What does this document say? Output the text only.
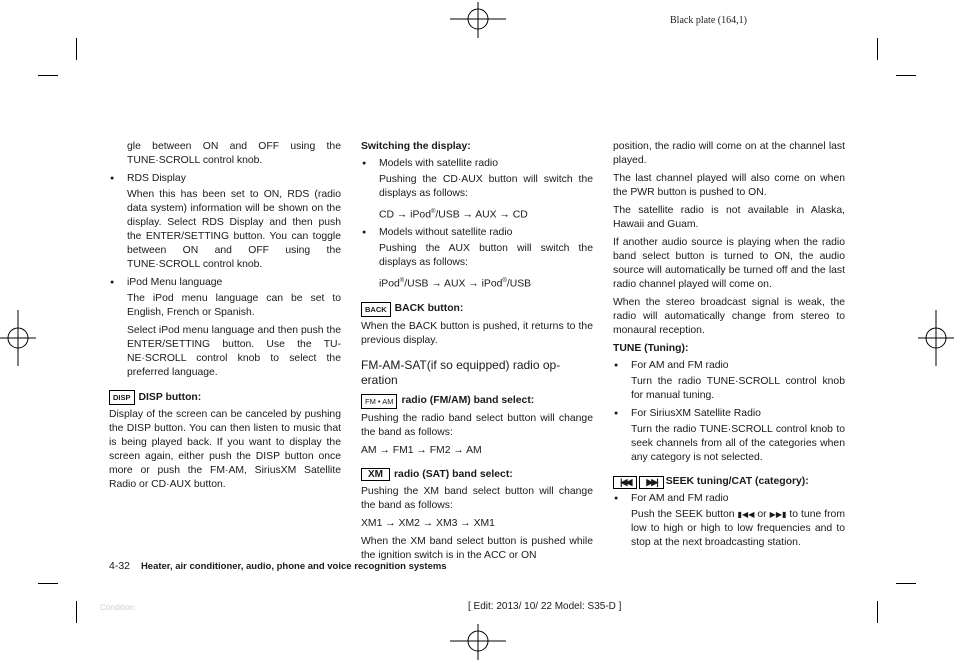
Black plate (164,1)

gle between ON and OFF using the TUNE·SCROLL control knob.

● RDS Display

When this has been set to ON, RDS (radio data system) information will be shown on the display. Select RDS Display and then push the ENTER/SETTING button. You can toggle between ON and OFF using the TUNE·SCROLL control knob.

● iPod Menu language

The iPod menu language can be set to English, French or Spanish.

Select iPod menu language and then push the ENTER/SETTING button. Use the TU-NE·SCROLL control knob to select the preferred language.

DISP DISP button:

Display of the screen can be canceled by pushing the DISP button. You can then listen to music that is being played back. If you want to display the screen again, either push the DISP button once more or push the FM·AM, SiriusXM Satellite Radio or CD·AUX button.

Switching the display:

● Models with satellite radio

Pushing the CD·AUX button will switch the displays as follows:

CD → iPod®/USB → AUX → CD

● Models without satellite radio

Pushing the AUX button will switch the displays as follows:

iPod®/USB → AUX → iPod®/USB

BACK BACK button:

When the BACK button is pushed, it returns to the previous display.

FM-AM-SAT(if so equipped) radio op-eration

FM • AM radio (FM/AM) band select:

Pushing the radio band select button will change the band as follows:

AM → FM1 → FM2 → AM

XM	radio (SAT) band select:

Pushing the XM band select button will change the band as follows:

XM1 → XM2 → XM3 → XM1

When the XM band select button is pushed while the ignition switch is in the ACC or ON

position, the radio will come on at the channel last played.

The last channel played will also come on when the PWR button is pushed to ON.

The satellite radio is not available in Alaska, Hawaii and Guam.

If another audio source is playing when the radio band select button is turned to ON, the audio source will automatically be turned off and the last radio channel played will come on.

When the stereo broadcast signal is weak, the radio will automatically change from stereo to monaural reception.

TUNE (Tuning):

● For AM and FM radio

Turn the radio TUNE·SCROLL control knob for manual tuning.

● For SiriusXM Satellite Radio

Turn the radio TUNE·SCROLL control knob to seek channels from all of the categories when any category is not selected.

|◀◀	▶▶| SEEK tuning/CAT (category):

● For AM and FM radio

Push the SEEK button ▮◀◀ or ▶▶▮ to tune from low to high or high to low frequencies and to stop at the next broadcasting station.

4-32 Heater, air conditioner, audio, phone and voice recognition systems
Condition:	[ Edit: 2013/ 10/ 22 Model: S35-D ]
